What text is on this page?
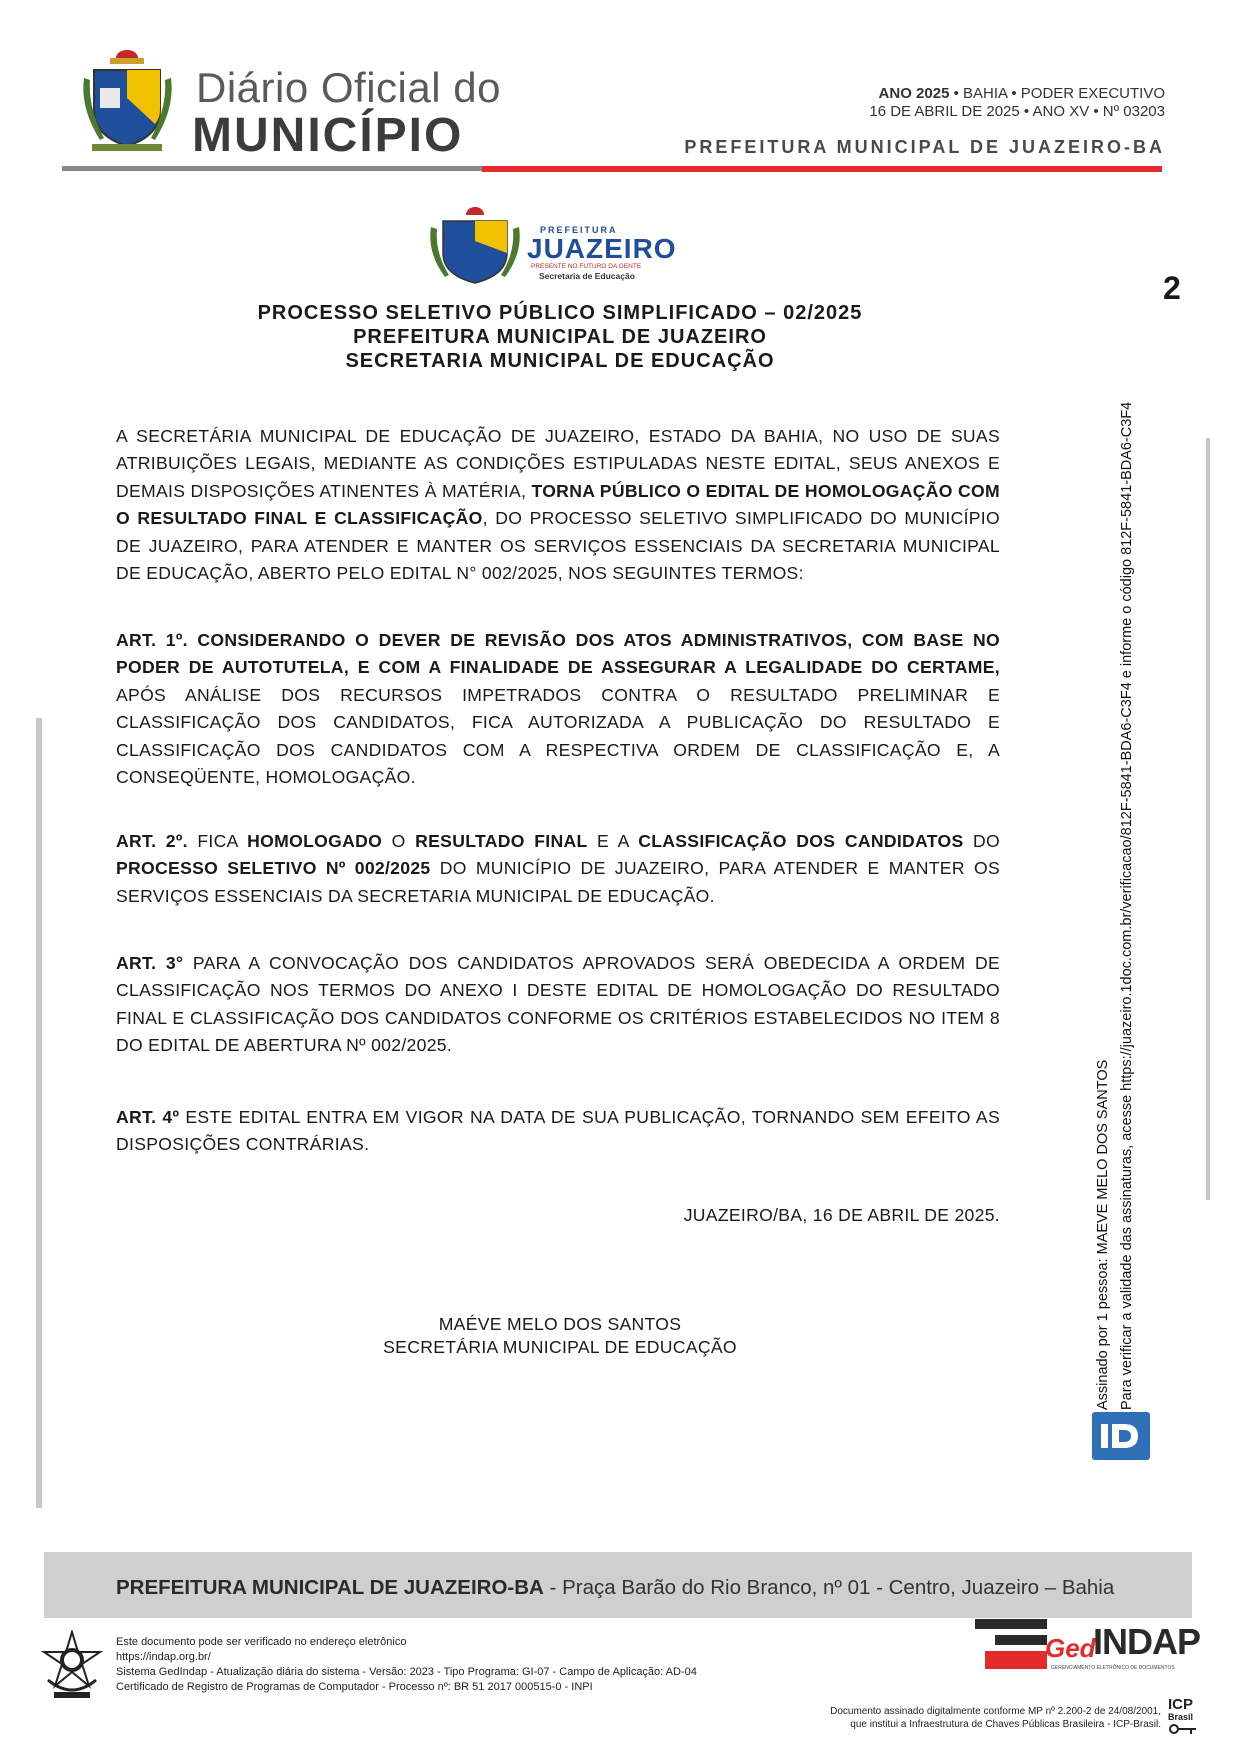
Diário Oficial do
MUNICÍPIO
ANO 2025 • BAHIA • PODER EXECUTIVO
16 DE ABRIL DE 2025 • ANO XV • Nº 03203
PREFEITURA MUNICIPAL DE JUAZEIRO-BA
PREFEITURA
JUAZEIRO
PRESENTE NO FUTURO DA GENTE
Secretaria de Educação	2
PROCESSO SELETIVO PÚBLICO SIMPLIFICADO – 02/2025
PREFEITURA MUNICIPAL DE JUAZEIRO
SECRETARIA MUNICIPAL DE EDUCAÇÃO
A SECRETÁRIA MUNICIPAL DE EDUCAÇÃO DE JUAZEIRO, ESTADO DA BAHIA, NO USO DE SUAS ATRIBUIÇÕES LEGAIS, MEDIANTE AS CONDIÇÕES ESTIPULADAS NESTE EDITAL, SEUS ANEXOS E DEMAIS DISPOSIÇÕES ATINENTES À MATÉRIA, TORNA PÚBLICO O EDITAL DE HOMOLOGAÇÃO COM O RESULTADO FINAL E CLASSIFICAÇÃO, DO PROCESSO SELETIVO SIMPLIFICADO DO MUNICÍPIO DE JUAZEIRO, PARA ATENDER E MANTER OS SERVIÇOS ESSENCIAIS DA SECRETARIA MUNICIPAL DE EDUCAÇÃO, ABERTO PELO EDITAL N° 002/2025, NOS SEGUINTES TERMOS:
ART. 1º. CONSIDERANDO O DEVER DE REVISÃO DOS ATOS ADMINISTRATIVOS, COM BASE NO PODER DE AUTOTUTELA, E COM A FINALIDADE DE ASSEGURAR A LEGALIDADE DO CERTAME, APÓS ANÁLISE DOS RECURSOS IMPETRADOS CONTRA O RESULTADO PRELIMINAR E CLASSIFICAÇÃO DOS CANDIDATOS, FICA AUTORIZADA A PUBLICAÇÃO DO RESULTADO E CLASSIFICAÇÃO DOS CANDIDATOS COM A RESPECTIVA ORDEM DE CLASSIFICAÇÃO E, A CONSEQÜENTE, HOMOLOGAÇÃO.
ART. 2º. FICA HOMOLOGADO O RESULTADO FINAL E A CLASSIFICAÇÃO DOS CANDIDATOS DO PROCESSO SELETIVO Nº 002/2025 DO MUNICÍPIO DE JUAZEIRO, PARA ATENDER E MANTER OS SERVIÇOS ESSENCIAIS DA SECRETARIA MUNICIPAL DE EDUCAÇÃO.
ART. 3° PARA A CONVOCAÇÃO DOS CANDIDATOS APROVADOS SERÁ OBEDECIDA A ORDEM DE CLASSIFICAÇÃO NOS TERMOS DO ANEXO I DESTE EDITAL DE HOMOLOGAÇÃO DO RESULTADO FINAL E CLASSIFICAÇÃO DOS CANDIDATOS CONFORME OS CRITÉRIOS ESTABELECIDOS NO ITEM 8 DO EDITAL DE ABERTURA Nº 002/2025.
ART. 4º ESTE EDITAL ENTRA EM VIGOR NA DATA DE SUA PUBLICAÇÃO, TORNANDO SEM EFEITO AS DISPOSIÇÕES CONTRÁRIAS.
JUAZEIRO/BA, 16 DE ABRIL DE 2025.
MAÉVE MELO DOS SANTOS
SECRETÁRIA MUNICIPAL DE EDUCAÇÃO	Assinado por 1 pessoa: MAEVE MELO DOS SANTOS Para verificar a validade das assinaturas, acesse https://juazeiro.1doc.com.br/verificacao/812F-5841-BDA6-C3F4 e informe o código 812F-5841-BDA6-C3F4
PREFEITURA MUNICIPAL DE JUAZEIRO-BA - Praça Barão do Rio Branco, nº 01 - Centro, Juazeiro – Bahia
Este documento pode ser verificado no endereço eletrônico
https://indap.org.br/
Sistema GedIndap - Atualização diária do sistema - Versão: 2023 - Tipo Programa: GI-07 - Campo de Aplicação: AD-04
Certificado de Registro de Programas de Computador - Processo nº: BR 51 2017 000515-0 - INPI
Ged
INDAP
GERENCIAMENTO ELETRÔNICO DE DOCUMENTOS
Documento assinado digitalmente conforme MP nº 2.200-2 de 24/08/2001,
que institui a Infraestrutura de Chaves Públicas Brasileira - ICP-Brasil.
ICP
Brasil
